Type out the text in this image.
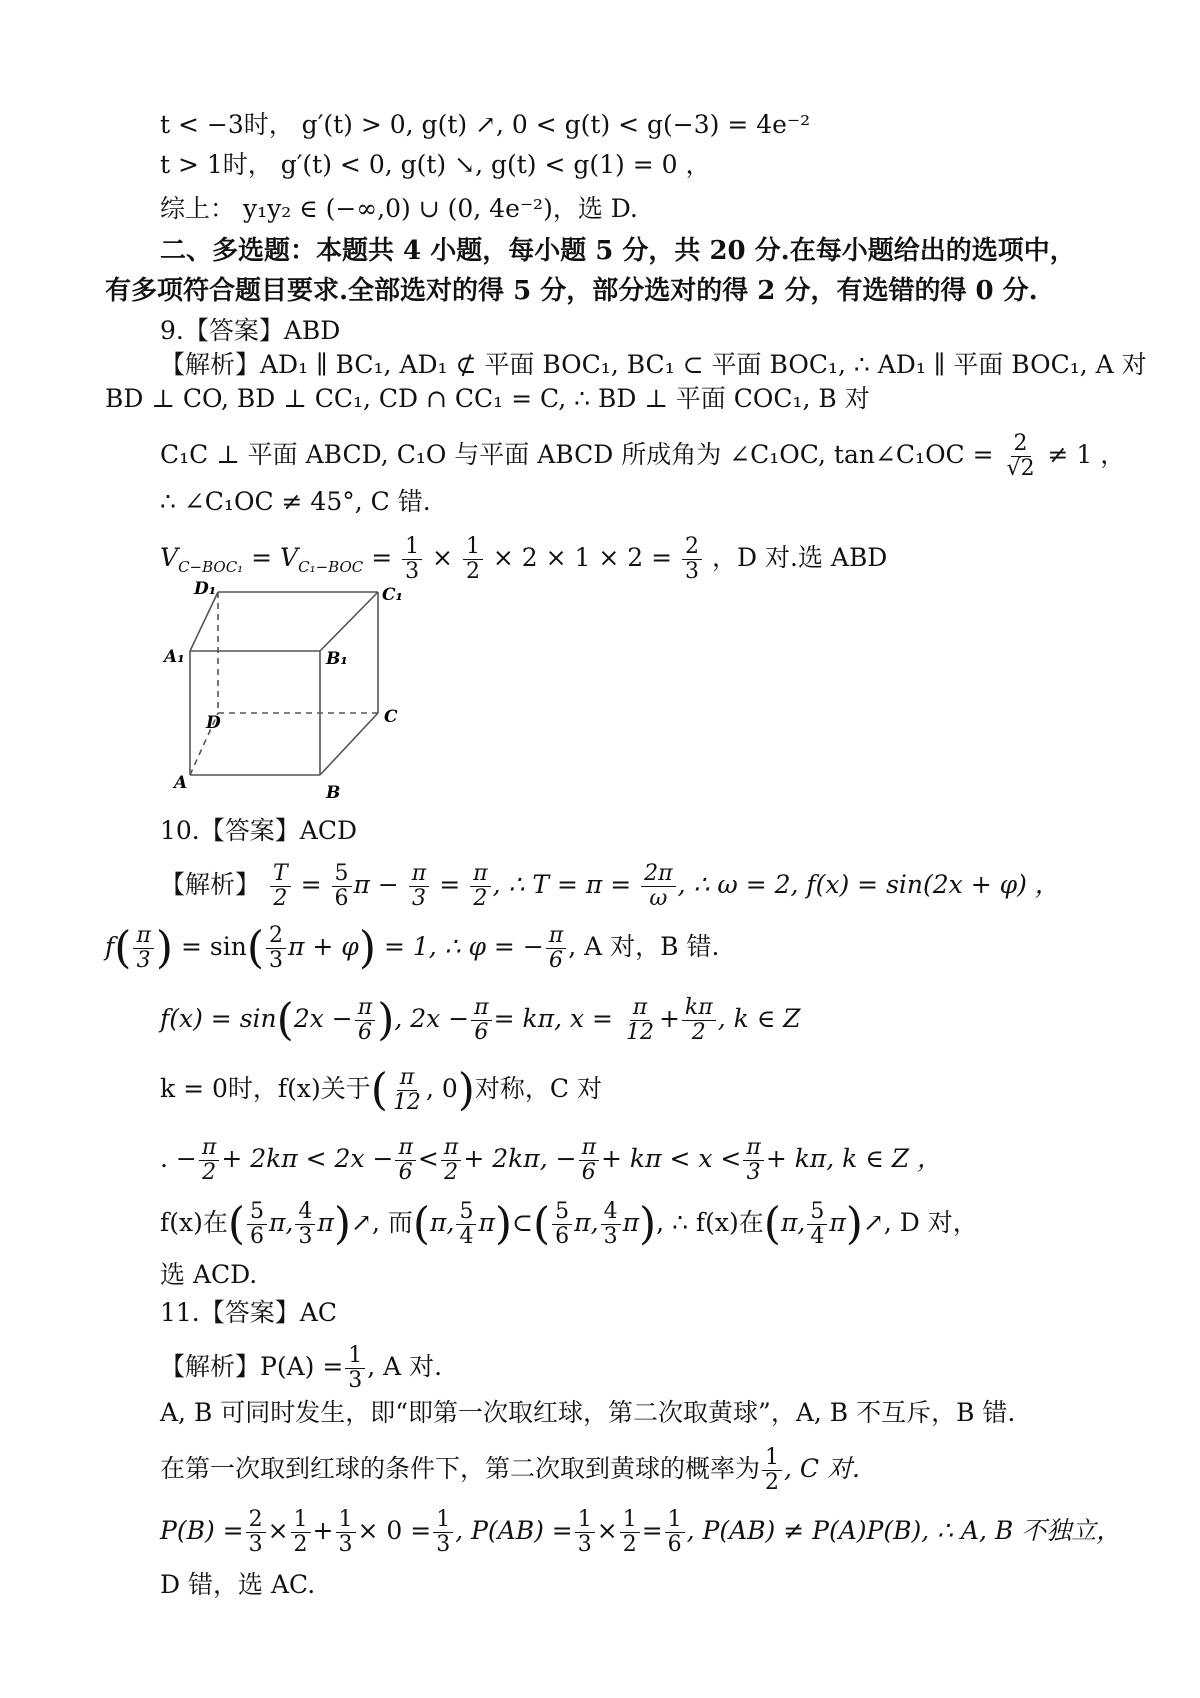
t < −3时， g′(t) > 0, g(t) ↗, 0 < g(t) < g(−3) = 4e⁻²
t > 1时， g′(t) < 0, g(t) ↘, g(t) < g(1) = 0 ，
综上： y₁y₂ ∈ (−∞,0) ∪ (0, 4e⁻²)，选 D.
二、多选题：本题共 4 小题，每小题 5 分，共 20 分.在每小题给出的选项中，
有多项符合题目要求.全部选对的得 5 分，部分选对的得 2 分，有选错的得 0 分.
9.【答案】ABD
【解析】AD₁ ∥ BC₁, AD₁ ⊄ 平面 BOC₁, BC₁ ⊂ 平面 BOC₁, ∴ AD₁ ∥ 平面 BOC₁, A 对
BD ⊥ CO, BD ⊥ CC₁, CD ∩ CC₁ = C, ∴ BD ⊥ 平面 COC₁, B 对
C₁C ⊥ 平面 ABCD, C₁O 与平面 ABCD 所成角为 ∠C₁OC, tan∠C₁OC = $\frac{2}{√2} \ne 1$ ，
∴ ∠C₁OC ≠ 45°, C 错.
$V_{C-BOC_1} = V_{C_1-BOC} = \frac{1}{3} \times \frac{1}{2} \times 2 \times 1 \times 2 = \frac{2}{3}$ ，D 对.选 ABD
D₁	C₁
A₁	B₁
D	C
A	B
10.【答案】ACD
【解析】 $\frac{T}{2} = \frac{5}{6}$ $\pi - \frac{\pi}{3} = \frac{\pi}{2}$ , ∴ $T = \pi = \frac{2\pi}{\omega}$ , ∴ ω = 2, f(x) = sin(2x + φ) ，
$f( \frac{\pi}{3}$ ) = $\sin( \frac{2}{3}$ π + φ) = 1, ∴ φ = − $\frac{\pi}{6}$ , A 对，B 错.
$f(x) = \sin(2x - \frac{\pi}{6}$ ), $2x - \frac{\pi}{6} = k\pi$, $x = \frac{\pi}{12} + \frac{k\pi}{2}$ , k ∈ Z
k = 0时，f(x)关于( $\frac{\pi}{12}$ , 0)对称，C 对
. − $\frac{\pi}{2} + 2k\pi < 2x - \frac{\pi}{6} < \frac{\pi}{2} + 2k\pi$, − $\frac{\pi}{6} + k\pi < x < \frac{\pi}{3} + k\pi$, k ∈ Z ，
f(x)在( $\frac{5}{6} \pi$, $\frac{4}{3}$ π)↗, 而(π, $\frac{5}{4}$ π)⊂( $\frac{5}{6} \pi$, $\frac{4}{3} \pi$), ∴ f(x)在(π, $\frac{5}{4}$ π)↗, D 对，
选 ACD.
11.【答案】AC
【解析】$P(A) = \frac{1}{3}$ , A 对.
A, B 可同时发生，即“即第一次取红球，第二次取黄球”，A, B 不互斥，B 错.
在第一次取到红球的条件下，第二次取到黄球的概率为 $\frac{1}{2}$ , C 对.
$P(B) = \frac{2}{3} \times \frac{1}{2} + \frac{1}{3} \times 0 = \frac{1}{3}$ , $P(AB) = \frac{1}{3} \times \frac{1}{2} = \frac{1}{6}$ , P(AB) ≠ P(A)P(B), ∴ A, B 不独立，
D 错，选 AC.
